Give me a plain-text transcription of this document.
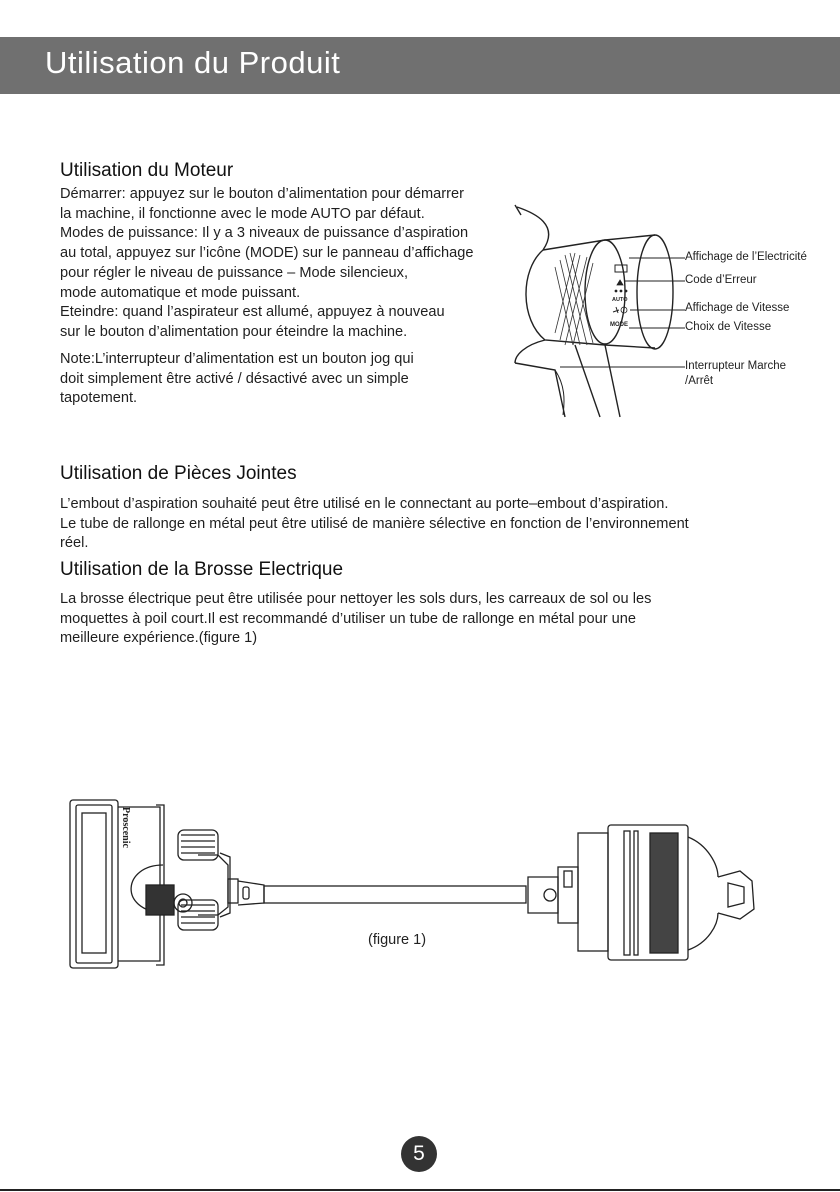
Utilisation du Produit
Utilisation du Moteur
Démarrer: appuyez sur le bouton d’alimentation pour démarrer
la machine, il fonctionne avec le mode AUTO par défaut.
Modes de puissance: Il y a 3 niveaux de puissance d’aspiration
au total, appuyez sur l’icône (MODE) sur le panneau d’affichage
pour régler le niveau de puissance – Mode silencieux,
mode automatique et mode puissant.
Eteindre: quand l’aspirateur est allumé, appuyez à nouveau
sur le bouton d’alimentation pour éteindre la machine.
Note:L’interrupteur d’alimentation est un bouton jog qui
doit simplement être activé / désactivé avec un simple
tapotement.
AUTO
MODE
Affichage de l’Electricité
Code d’Erreur
Affichage de Vitesse
Choix de Vitesse
Interrupteur Marche
/Arrêt
Utilisation de Pièces Jointes
L’embout d’aspiration souhaité peut être utilisé en le connectant au porte–embout d’aspiration.
Le tube de rallonge en métal peut être utilisé de manière sélective en fonction de l’environnement
réel.
Utilisation de la Brosse Electrique
La brosse électrique peut être utilisée pour nettoyer les sols durs, les carreaux de sol ou les
moquettes à poil court.Il est recommandé d’utiliser un tube de rallonge en métal pour une
meilleure expérience.(figure 1)
Proscenic
(figure 1)
5
